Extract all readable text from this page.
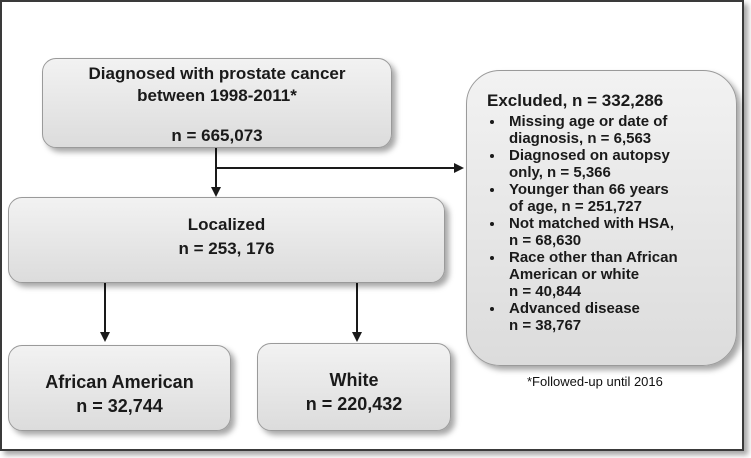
Diagnosed with prostate cancer
between 1998-2011*
n = 665,073
Localized
n = 253, 176
African American
n = 32,744
White
n = 220,432
Excluded, n = 332,286
• Missing age or date of
diagnosis, n = 6,563
• Diagnosed on autopsy
only, n = 5,366
• Younger than 66 years
of age, n = 251,727
• Not matched with HSA,
n = 68,630
• Race other than African
American or white
n = 40,844
• Advanced disease
n = 38,767
*Followed-up until 2016
